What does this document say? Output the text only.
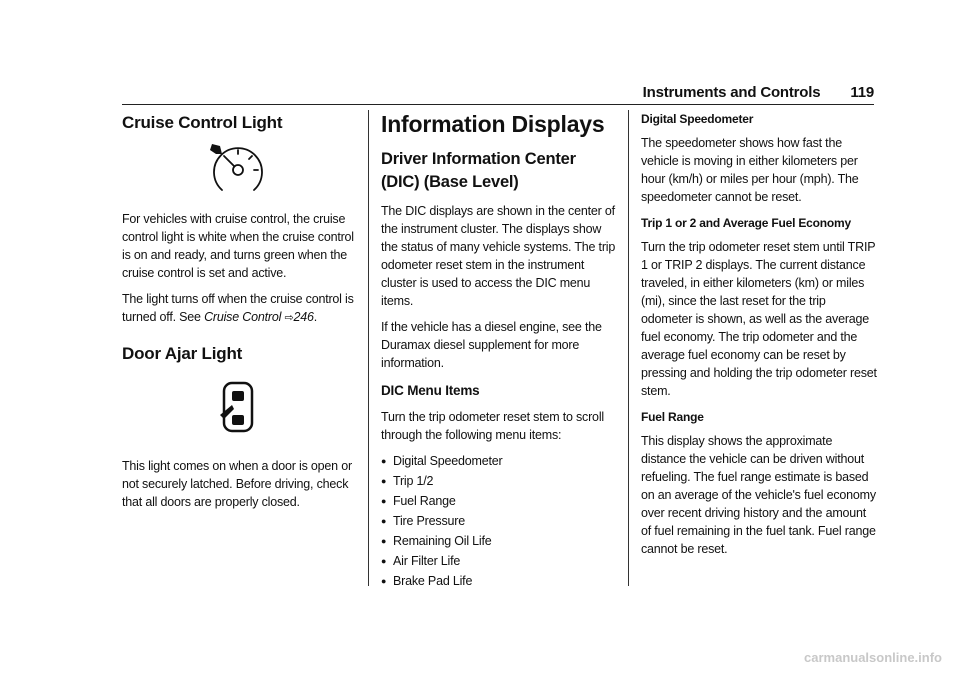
Instruments and Controls 119
Cruise Control Light

For vehicles with cruise control, the cruise control light is white when the cruise control is on and ready, and turns green when the cruise control is set and active.

The light turns off when the cruise control is turned off. See Cruise Control ⇨246.

Door Ajar Light

This light comes on when a door is open or not securely latched. Before driving, check that all doors are properly closed.

Information Displays
Driver Information Center (DIC) (Base Level)

The DIC displays are shown in the center of the instrument cluster. The displays show the status of many vehicle systems. The trip odometer reset stem in the instrument cluster is used to access the DIC menu items.

If the vehicle has a diesel engine, see the Duramax diesel supplement for more information.

DIC Menu Items

Turn the trip odometer reset stem to scroll through the following menu items:

● Digital Speedometer
● Trip 1/2
● Fuel Range
● Tire Pressure
● Remaining Oil Life
● Air Filter Life
● Brake Pad Life
Digital Speedometer

The speedometer shows how fast the vehicle is moving in either kilometers per hour (km/h) or miles per hour (mph). The speedometer cannot be reset.

Trip 1 or 2 and Average Fuel Economy

Turn the trip odometer reset stem until TRIP 1 or TRIP 2 displays. The current distance traveled, in either kilometers (km) or miles (mi), since the last reset for the trip odometer is shown, as well as the average fuel economy. The trip odometer and the average fuel economy can be reset by pressing and holding the trip odometer reset stem.

Fuel Range

This display shows the approximate distance the vehicle can be driven without refueling. The fuel range estimate is based on an average of the vehicle's fuel economy over recent driving history and the amount of fuel remaining in the fuel tank. Fuel range cannot be reset.

carmanualsonline.info
